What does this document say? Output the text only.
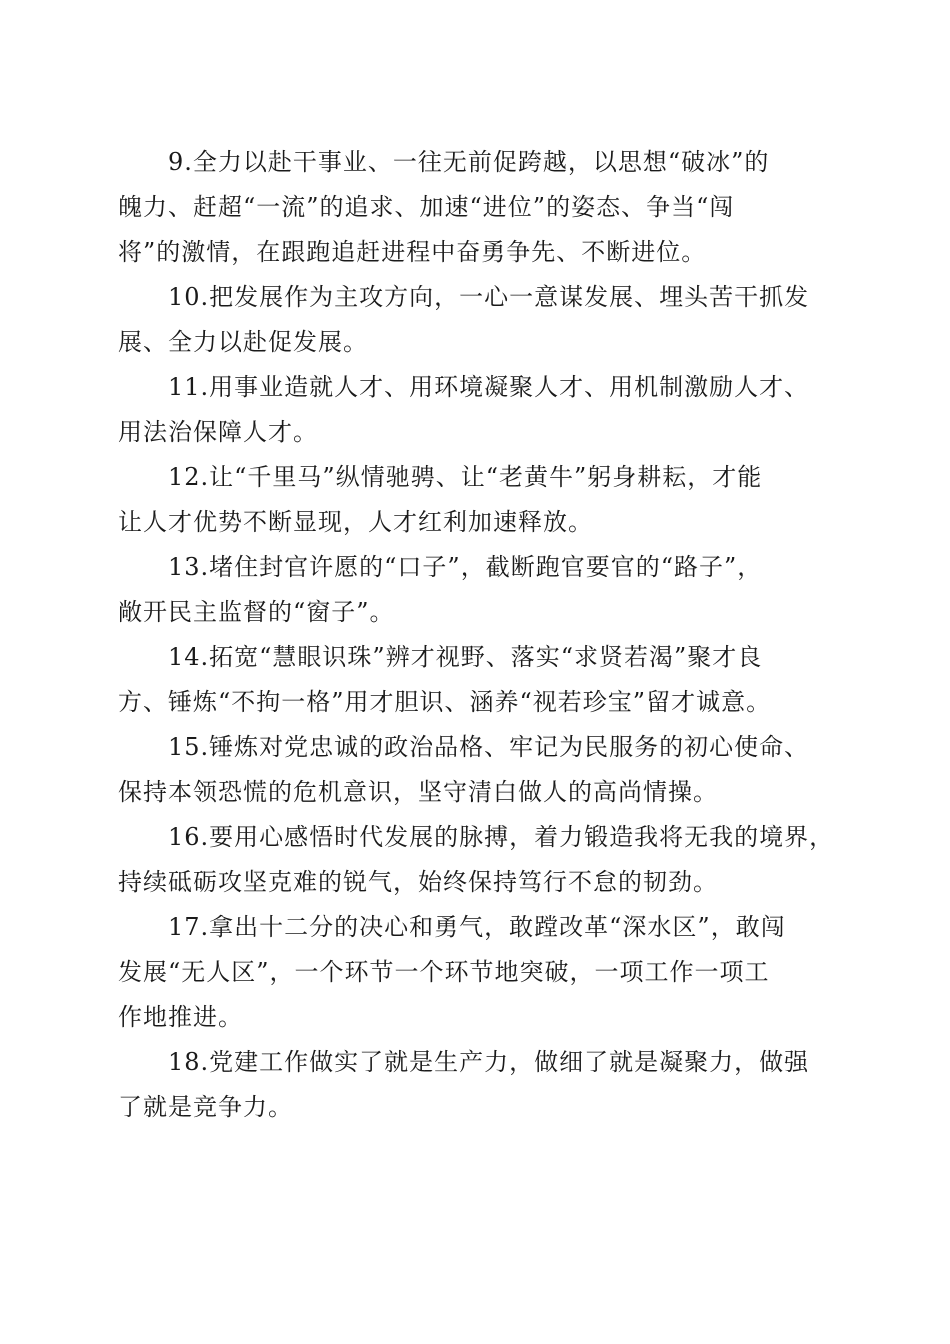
9.全力以赴干事业、一往无前促跨越，以思想“破冰”的
魄力、赶超“一流”的追求、加速“进位”的姿态、争当“闯
将”的激情，在跟跑追赶进程中奋勇争先、不断进位。
10.把发展作为主攻方向，一心一意谋发展、埋头苦干抓发
展、全力以赴促发展。
11.用事业造就人才、用环境凝聚人才、用机制激励人才、
用法治保障人才。
12.让“千里马”纵情驰骋、让“老黄牛”躬身耕耘，才能
让人才优势不断显现，人才红利加速释放。
13.堵住封官许愿的“口子”，截断跑官要官的“路子”，
敞开民主监督的“窗子”。
14.拓宽“慧眼识珠”辨才视野、落实“求贤若渴”聚才良
方、锤炼“不拘一格”用才胆识、涵养“视若珍宝”留才诚意。
15.锤炼对党忠诚的政治品格、牢记为民服务的初心使命、
保持本领恐慌的危机意识，坚守清白做人的高尚情操。
16.要用心感悟时代发展的脉搏，着力锻造我将无我的境界，
持续砥砺攻坚克难的锐气，始终保持笃行不怠的韧劲。
17.拿出十二分的决心和勇气，敢蹚改革“深水区”，敢闯
发展“无人区”，一个环节一个环节地突破，一项工作一项工
作地推进。
18.党建工作做实了就是生产力，做细了就是凝聚力，做强
了就是竞争力。
